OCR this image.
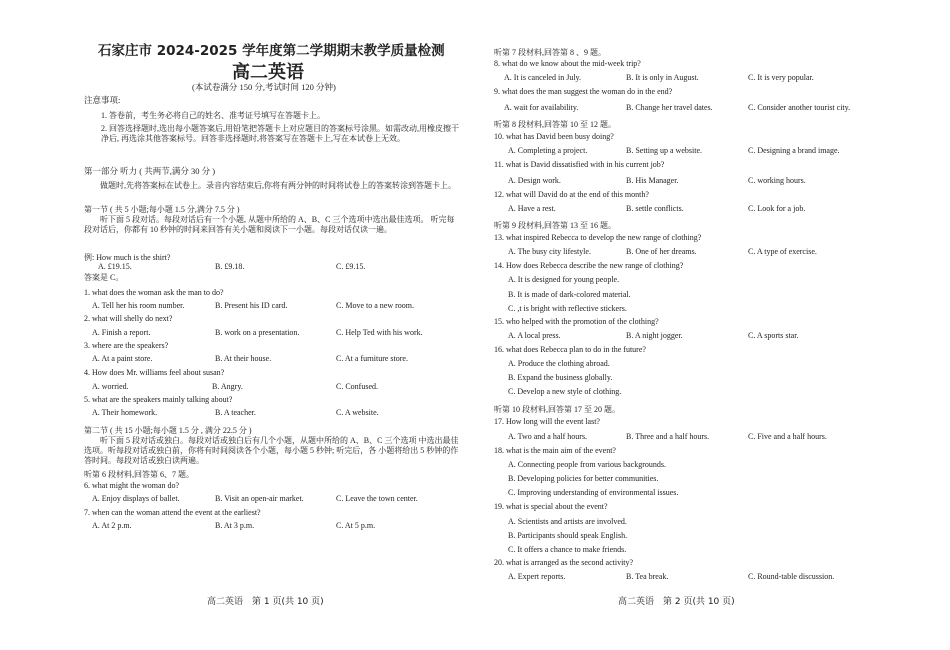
石家庄市 2024-2025 学年度第二学期期末教学质量检测
高二英语
(本试卷满分 150 分,考试时间 120 分钟)
注意事项:
1. 答卷前，考生务必将自己的姓名、准考证号填写在答题卡上。
2. 回答选择题时,选出每小题答案后,用铅笔把答题卡上对应题目的答案标号涂黑。如需改动,用橡皮擦干净后, 再选涂其他答案标号。回答非选择题时,将答案写在答题卡上,写在本试卷上无效。
第一部分 听力 ( 共两节,满分 30 分 )
做题时,先将答案标在试卷上。录音内容结束后,你将有两分钟的时间将试卷上的答案转涂到答题卡上。
第一节 ( 共 5 小题;每小题 1.5 分,满分 7.5 分 )
听下面 5 段对话。每段对话后有一个小题, 从题中所给的 A、B、C 三个选项中选出最佳选项。 听完每段对话后，你都有 10 秒钟的时间来回答有关小题和阅读下一小题。每段对话仅读一遍。
例: How much is the shirt?
A. £19.15.	B. £9.18.	C. £9.15.
答案是 C。
1. what does the woman ask the man to do?
A. Tell her his room number.	B. Present his ID card.	C. Move to a new room.
2. what will shelly do next?
A. Finish a report.	B. work on a presentation.	C. Help Ted with his work.
3. where are the speakers?
A. At a paint store.	B. At their house.	C. At a furniture store.
4. How does Mr. williams feel about susan?
A. worried.	B. Angry.	C. Confused.
5. what are the speakers mainly talking about?
A. Their homework.	B. A teacher.	C. A website.
第二节 ( 共 15 小题;每小题 1.5 分 , 满分 22.5 分 )
听下面 5 段对话或独白。每段对话或独白后有几个小题，从题中所给的 A、B、C 三个选项 中选出最佳选项。听每段对话或独白前，你将有时间阅读各个小题，每小题 5 秒钟; 听完后，各 小题将给出 5 秒钟的作答时间。每段对话或独白读两遍。
听第 6 段材料,回答第 6、7 题。
6. what might the woman do?
A. Enjoy displays of ballet.	B. Visit an open-air market.	C. Leave the town center.
7. when can the woman attend the event at the earliest?
A. At 2 p.m.	B. At 3 p.m.	C. At 5 p.m.
高二英语　第 1 页(共 10 页)
听第 7 段材料,回答第 8 、9 题。
8. what do we know about the mid-week trip?
A. It is canceled in July.	B. It is only in August.	C. It is very popular.
9. what does the man suggest the woman do in the end?
A. wait for availability.	B. Change her travel dates.	C. Consider another tourist city.
听第 8 段材料,回答第 10 至 12 题。
10. what has David been busy doing?
A. Completing a project.	B. Setting up a website.	C. Designing a brand image.
11. what is David dissatisfied with in his current job?
A. Design work.	B. His Manager.	C. working hours.
12. what will David do at the end of this month?
A. Have a rest.	B. settle conflicts.	C. Look for a job.
听第 9 段材料,回答第 13 至 16 题。
13. what inspired Rebecca to develop the new range of clothing?
A. The busy city lifestyle.	B. One of her dreams.	C. A type of exercise.
14. How does Rebecca describe the new range of clothing?
A. It is designed for young people.
B. It is made of dark-colored material.
C. ,t is bright with reflective stickers.
15. who helped with the promotion of the clothing?
A. A local press.	B. A night jogger.	C. A sports star.
16. what does Rebecca plan to do in the future?
A. Produce the clothing abroad.
B. Expand the business globally.
C. Develop a new style of clothing.
听第 10 段材料,回答第 17 至 20 题。
17. How long will the event last?
A. Two and a half hours.	B. Three and a half hours.	C. Five and a half hours.
18. what is the main aim of the event?
A. Connecting people from various backgrounds.
B. Developing policies for better communities.
C. Improving understanding of environmental issues.
19. what is special about the event?
A. Scientists and artists are involved.
B. Participants should speak English.
C. It offers a chance to make friends.
20. what is arranged as the second activity?
A. Expert reports.	B. Tea break.	C. Round-table discussion.
高二英语　第 2 页(共 10 页)
